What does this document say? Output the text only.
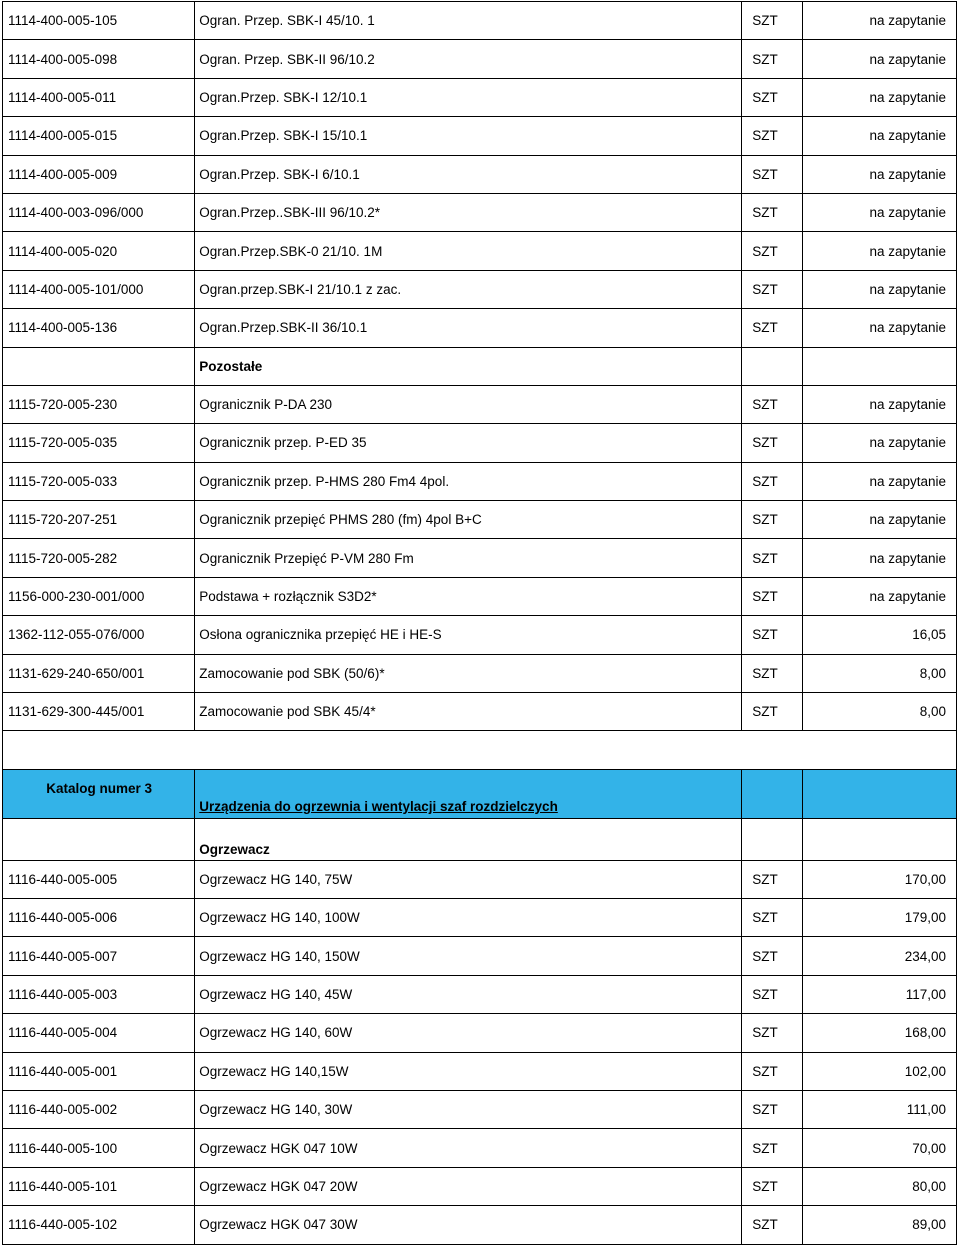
1114-400-005-105	Ogran. Przep. SBK-I 45/10. 1	SZT	na zapytanie
1114-400-005-098	Ogran. Przep. SBK-II 96/10.2	SZT	na zapytanie
1114-400-005-011	Ogran.Przep. SBK-I 12/10.1	SZT	na zapytanie
1114-400-005-015	Ogran.Przep. SBK-I 15/10.1	SZT	na zapytanie
1114-400-005-009	Ogran.Przep. SBK-I 6/10.1	SZT	na zapytanie
1114-400-003-096/000	Ogran.Przep..SBK-III 96/10.2*	SZT	na zapytanie
1114-400-005-020	Ogran.Przep.SBK-0 21/10. 1M	SZT	na zapytanie
1114-400-005-101/000	Ogran.przep.SBK-I 21/10.1 z zac.	SZT	na zapytanie
1114-400-005-136	Ogran.Przep.SBK-II 36/10.1	SZT	na zapytanie
	Pozostałe		
1115-720-005-230	Ogranicznik P-DA 230	SZT	na zapytanie
1115-720-005-035	Ogranicznik przep. P-ED 35	SZT	na zapytanie
1115-720-005-033	Ogranicznik przep. P-HMS 280 Fm4 4pol.	SZT	na zapytanie
1115-720-207-251	Ogranicznik przepięć PHMS 280 (fm) 4pol B+C	SZT	na zapytanie
1115-720-005-282	Ogranicznik Przepięć P-VM 280 Fm	SZT	na zapytanie
1156-000-230-001/000	Podstawa + rozłącznik S3D2*	SZT	na zapytanie
1362-112-055-076/000	Osłona ogranicznika przepięć HE i HE-S	SZT	16,05
1131-629-240-650/001	Zamocowanie pod SBK (50/6)*	SZT	8,00
1131-629-300-445/001	Zamocowanie pod SBK 45/4*	SZT	8,00

Katalog numer 3	Urządzenia do ogrzewnia i wentylacji szaf rozdzielczych		
	Ogrzewacz		
1116-440-005-005	Ogrzewacz HG 140, 75W	SZT	170,00
1116-440-005-006	Ogrzewacz HG 140, 100W	SZT	179,00
1116-440-005-007	Ogrzewacz HG 140, 150W	SZT	234,00
1116-440-005-003	Ogrzewacz HG 140, 45W	SZT	117,00
1116-440-005-004	Ogrzewacz HG 140, 60W	SZT	168,00
1116-440-005-001	Ogrzewacz HG 140,15W	SZT	102,00
1116-440-005-002	Ogrzewacz HG 140, 30W	SZT	111,00
1116-440-005-100	Ogrzewacz HGK 047 10W	SZT	70,00
1116-440-005-101	Ogrzewacz HGK 047 20W	SZT	80,00
1116-440-005-102	Ogrzewacz HGK 047 30W	SZT	89,00
